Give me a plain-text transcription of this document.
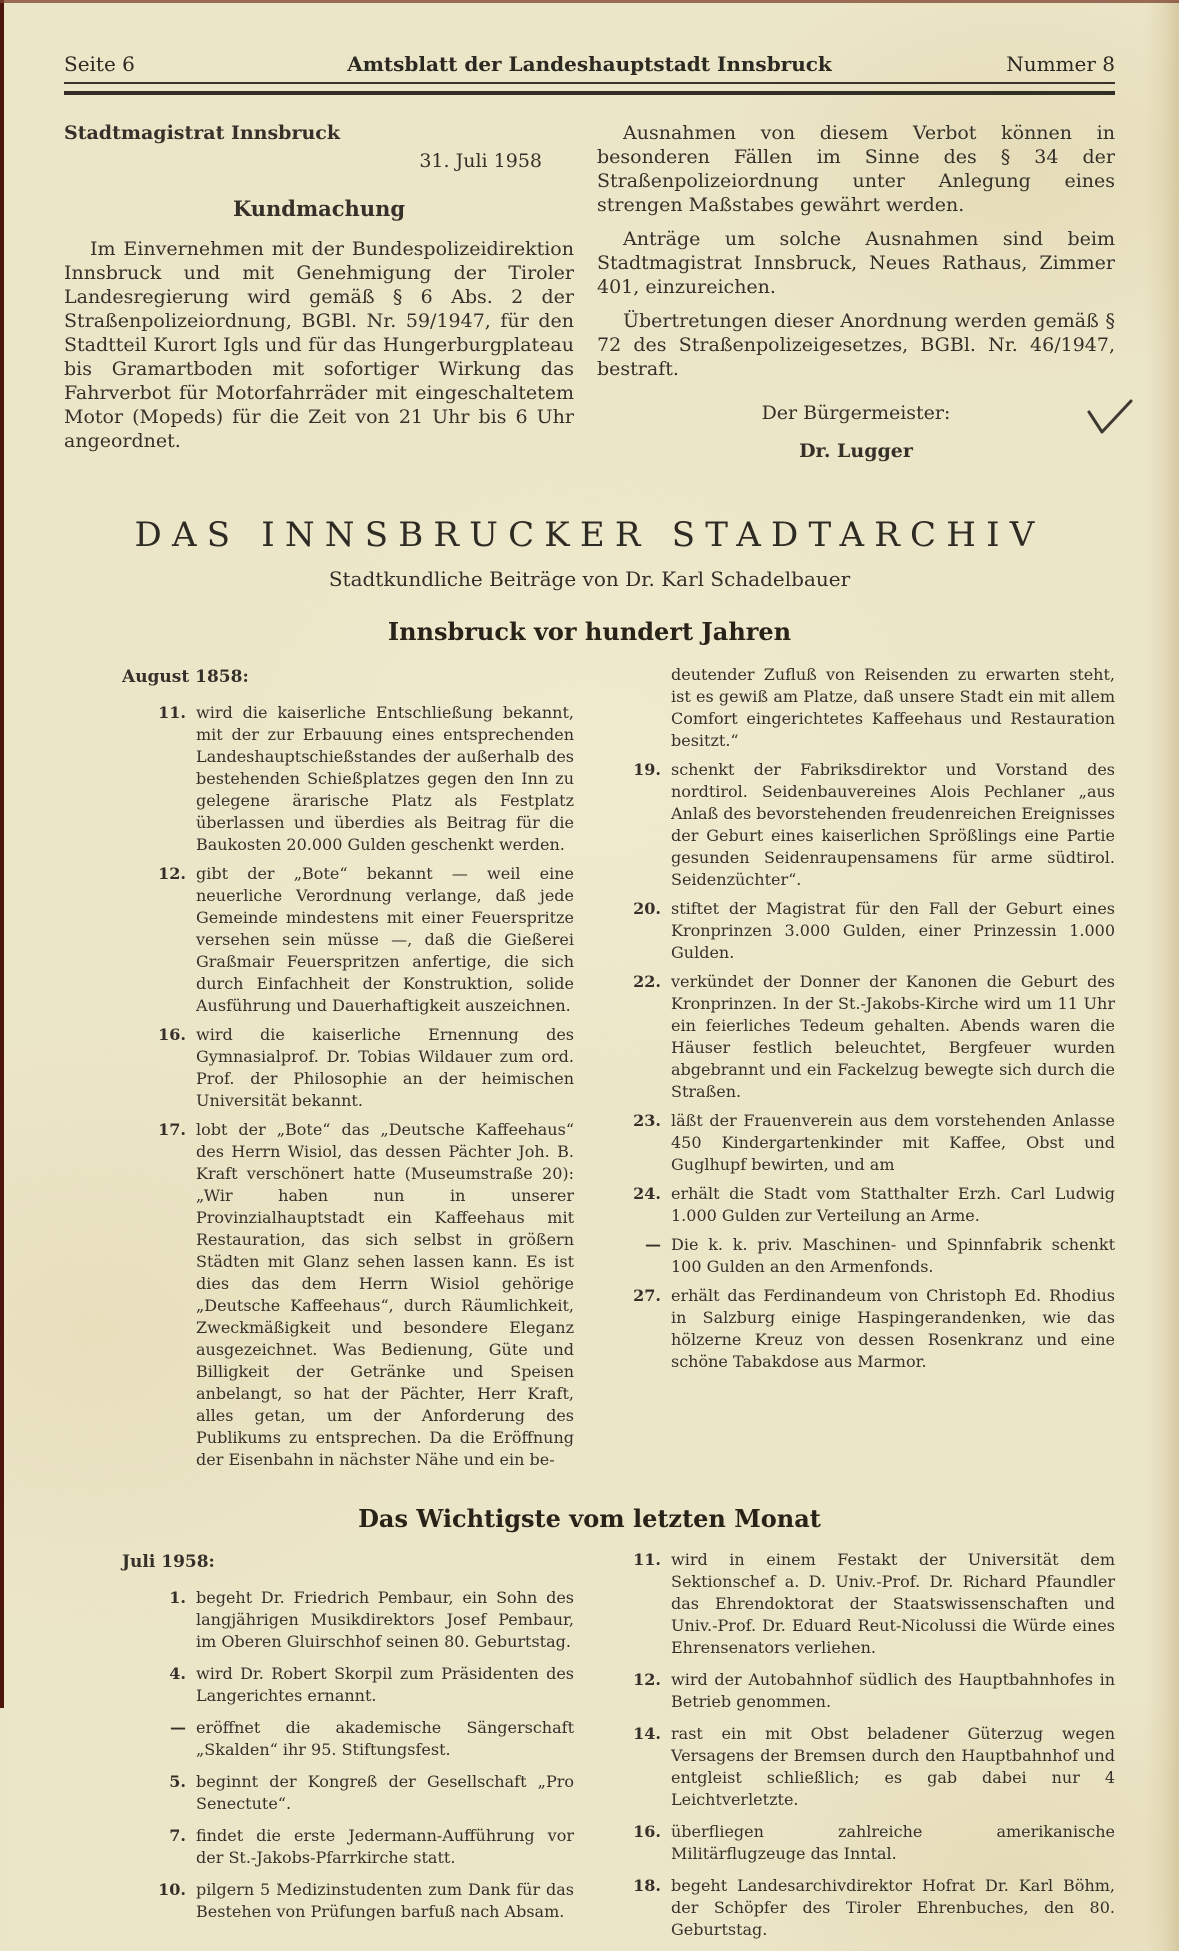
Seite 6	Amtsblatt der Landeshauptstadt Innsbruck	Nummer 8
Stadtmagistrat Innsbruck
31. Juli 1958
Kundmachung

Im Einvernehmen mit der Bundespolizeidirektion Innsbruck und mit Genehmigung der Tiroler Landesregierung wird gemäß § 6 Abs. 2 der Straßenpolizeiordnung, BGBl. Nr. 59/1947, für den Stadtteil Kurort Igls und für das Hungerburgplateau bis Gramartboden mit sofortiger Wirkung das Fahrverbot für Motorfahrräder mit eingeschaltetem Motor (Mopeds) für die Zeit von 21 Uhr bis 6 Uhr angeordnet.

Ausnahmen von diesem Verbot können in besonderen Fällen im Sinne des § 34 der Straßenpolizeiordnung unter Anlegung eines strengen Maßstabes gewährt werden.

Anträge um solche Ausnahmen sind beim Stadtmagistrat Innsbruck, Neues Rathaus, Zimmer 401, einzureichen.

Übertretungen dieser Anordnung werden gemäß § 72 des Straßenpolizeigesetzes, BGBl. Nr. 46/1947, bestraft.

Der Bürgermeister:
Dr. Lugger
DAS INNSBRUCKER STADTARCHIV
Stadtkundliche Beiträge von Dr. Karl Schadelbauer
Innsbruck vor hundert Jahren
August 1858:
11. wird die kaiserliche Entschließung bekannt, mit der zur Erbauung eines entsprechenden Landeshauptschießstandes der außerhalb des bestehenden Schießplatzes gegen den Inn zu gelegene ärarische Platz als Festplatz überlassen und überdies als Beitrag für die Baukosten 20.000 Gulden geschenkt werden.
12. gibt der „Bote“ bekannt — weil eine neuerliche Verordnung verlange, daß jede Gemeinde mindestens mit einer Feuerspritze versehen sein müsse —, daß die Gießerei Graßmair Feuerspritzen anfertige, die sich durch Einfachheit der Konstruktion, solide Ausführung und Dauerhaftigkeit auszeichnen.
16. wird die kaiserliche Ernennung des Gymnasialprof. Dr. Tobias Wildauer zum ord. Prof. der Philosophie an der heimischen Universität bekannt.
17. lobt der „Bote“ das „Deutsche Kaffeehaus“ des Herrn Wisiol, das dessen Pächter Joh. B. Kraft verschönert hatte (Museumstraße 20): „Wir haben nun in unserer Provinzialhauptstadt ein Kaffeehaus mit Restauration, das sich selbst in größern Städten mit Glanz sehen lassen kann. Es ist dies das dem Herrn Wisiol gehörige „Deutsche Kaffeehaus“, durch Räumlichkeit, Zweckmäßigkeit und besondere Eleganz ausgezeichnet. Was Bedienung, Güte und Billigkeit der Getränke und Speisen anbelangt, so hat der Pächter, Herr Kraft, alles getan, um der Anforderung des Publikums zu entsprechen. Da die Eröffnung der Eisenbahn in nächster Nähe und ein be-
deutender Zufluß von Reisenden zu erwarten steht, ist es gewiß am Platze, daß unsere Stadt ein mit allem Comfort eingerichtetes Kaffeehaus und Restauration besitzt.“
19. schenkt der Fabriksdirektor und Vorstand des nordtirol. Seidenbauvereines Alois Pechlaner „aus Anlaß des bevorstehenden freudenreichen Ereignisses der Geburt eines kaiserlichen Sprößlings eine Partie gesunden Seidenraupensamens für arme südtirol. Seidenzüchter“.
20. stiftet der Magistrat für den Fall der Geburt eines Kronprinzen 3.000 Gulden, einer Prinzessin 1.000 Gulden.
22. verkündet der Donner der Kanonen die Geburt des Kronprinzen. In der St.-Jakobs-Kirche wird um 11 Uhr ein feierliches Tedeum gehalten. Abends waren die Häuser festlich beleuchtet, Bergfeuer wurden abgebrannt und ein Fackelzug bewegte sich durch die Straßen.
23. läßt der Frauenverein aus dem vorstehenden Anlasse 450 Kindergartenkinder mit Kaffee, Obst und Guglhupf bewirten, und am
24. erhält die Stadt vom Statthalter Erzh. Carl Ludwig 1.000 Gulden zur Verteilung an Arme.
— Die k. k. priv. Maschinen- und Spinnfabrik schenkt 100 Gulden an den Armenfonds.
27. erhält das Ferdinandeum von Christoph Ed. Rhodius in Salzburg einige Haspingerandenken, wie das hölzerne Kreuz von dessen Rosenkranz und eine schöne Tabakdose aus Marmor.
Das Wichtigste vom letzten Monat
Juli 1958:
1. begeht Dr. Friedrich Pembaur, ein Sohn des langjährigen Musikdirektors Josef Pembaur, im Oberen Gluirschhof seinen 80. Geburtstag.
4. wird Dr. Robert Skorpil zum Präsidenten des Langerichtes ernannt.
— eröffnet die akademische Sängerschaft „Skalden“ ihr 95. Stiftungsfest.
5. beginnt der Kongreß der Gesellschaft „Pro Senectute“.
7. findet die erste Jedermann-Aufführung vor der St.-Jakobs-Pfarrkirche statt.
10. pilgern 5 Medizinstudenten zum Dank für das Bestehen von Prüfungen barfuß nach Absam.
11. wird in einem Festakt der Universität dem Sektionschef a. D. Univ.-Prof. Dr. Richard Pfaundler das Ehrendoktorat der Staatswissenschaften und Univ.-Prof. Dr. Eduard Reut-Nicolussi die Würde eines Ehrensenators verliehen.
12. wird der Autobahnhof südlich des Hauptbahnhofes in Betrieb genommen.
14. rast ein mit Obst beladener Güterzug wegen Versagens der Bremsen durch den Hauptbahnhof und entgleist schließlich; es gab dabei nur 4 Leichtverletzte.
16. überfliegen zahlreiche amerikanische Militärflugzeuge das Inntal.
18. begeht Landesarchivdirektor Hofrat Dr. Karl Böhm, der Schöpfer des Tiroler Ehrenbuches, den 80. Geburtstag.
